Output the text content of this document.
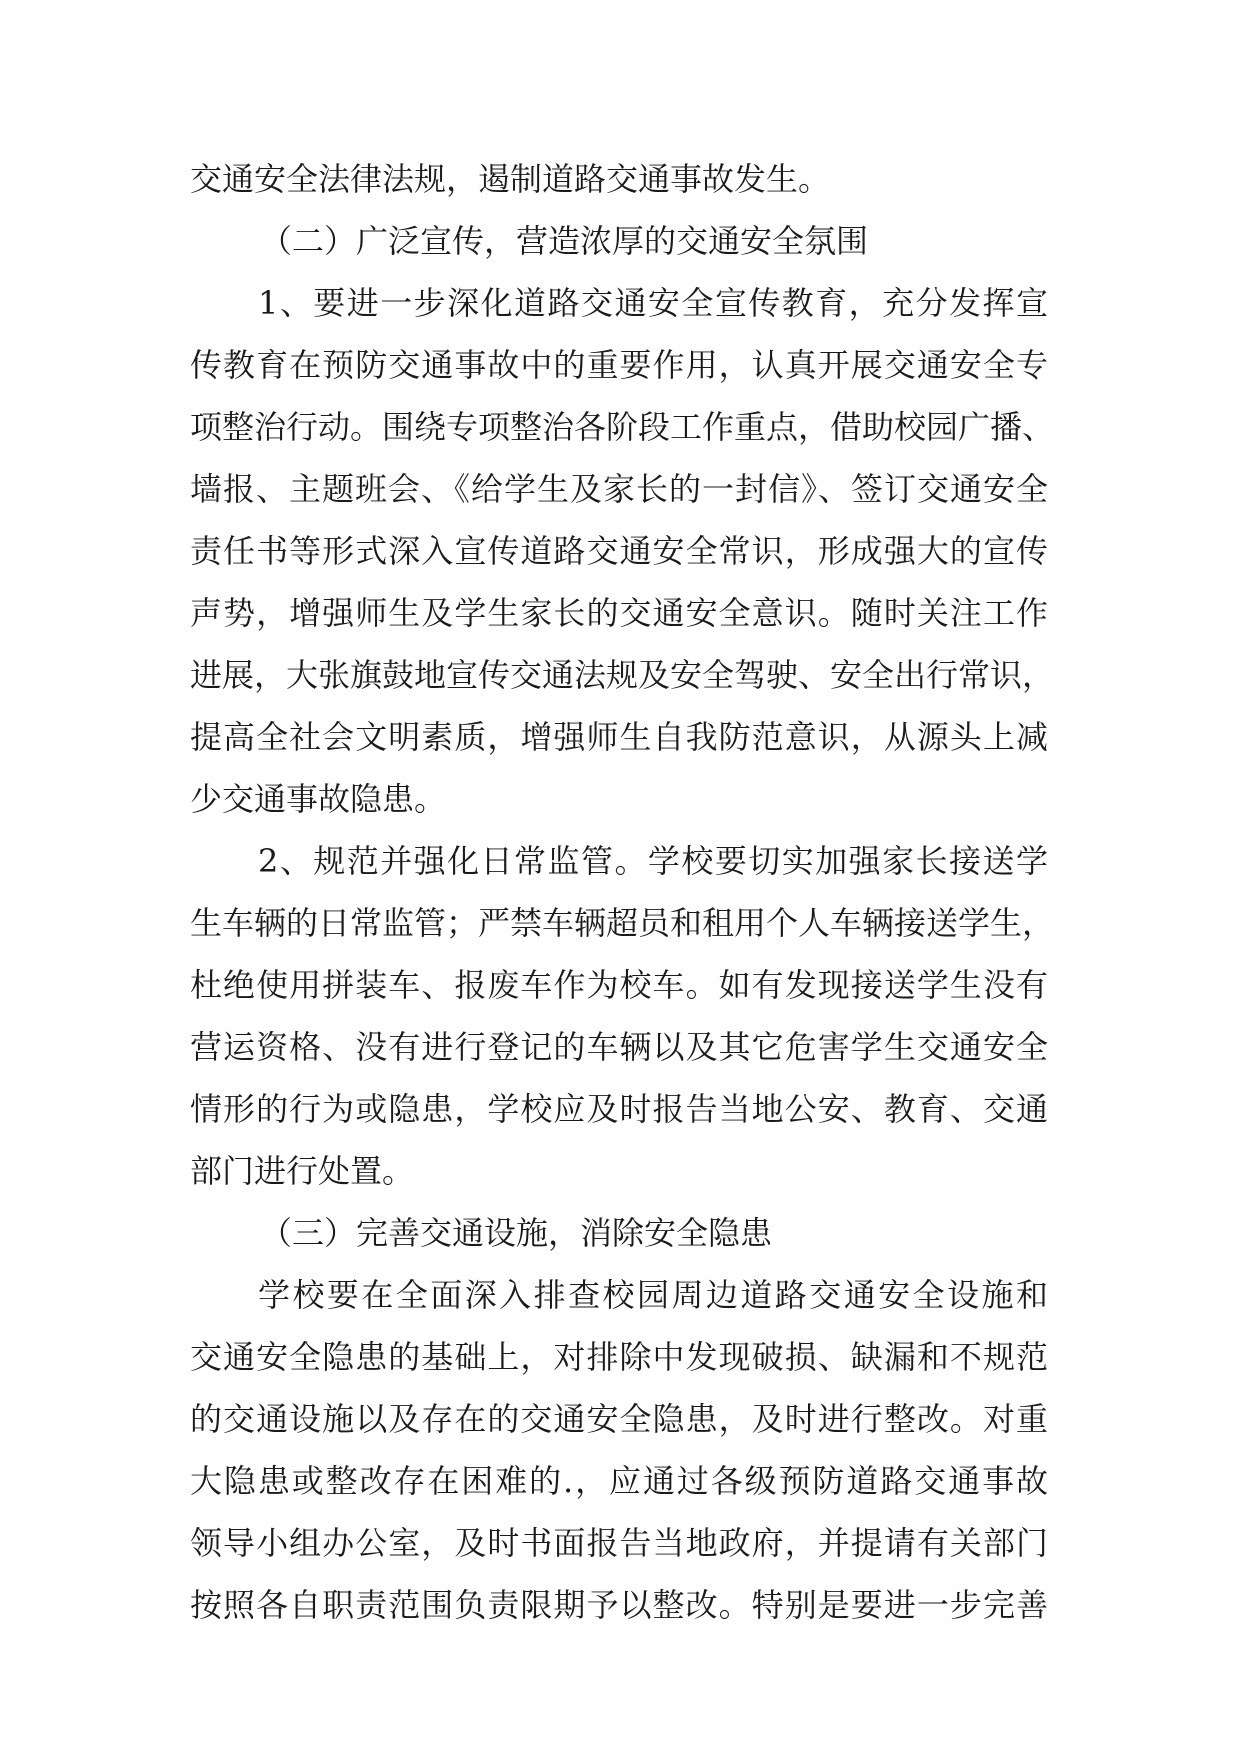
交通安全法律法规，遏制道路交通事故发生。
（二）广泛宣传，营造浓厚的交通安全氛围
1、要进一步深化道路交通安全宣传教育，充分发挥宣
传教育在预防交通事故中的重要作用，认真开展交通安全专
项整治行动。围绕专项整治各阶段工作重点，借助校园广播、
墙报、主题班会、《给学生及家长的一封信》、签订交通安全
责任书等形式深入宣传道路交通安全常识，形成强大的宣传
声势，增强师生及学生家长的交通安全意识。随时关注工作
进展，大张旗鼓地宣传交通法规及安全驾驶、安全出行常识，
提高全社会文明素质，增强师生自我防范意识，从源头上减
少交通事故隐患。
2、规范并强化日常监管。学校要切实加强家长接送学
生车辆的日常监管；严禁车辆超员和租用个人车辆接送学生，
杜绝使用拼装车、报废车作为校车。如有发现接送学生没有
营运资格、没有进行登记的车辆以及其它危害学生交通安全
情形的行为或隐患，学校应及时报告当地公安、教育、交通
部门进行处置。
（三）完善交通设施，消除安全隐患
学校要在全面深入排查校园周边道路交通安全设施和
交通安全隐患的基础上，对排除中发现破损、缺漏和不规范
的交通设施以及存在的交通安全隐患，及时进行整改。对重
大隐患或整改存在困难的.，应通过各级预防道路交通事故
领导小组办公室，及时书面报告当地政府，并提请有关部门
按照各自职责范围负责限期予以整改。特别是要进一步完善
